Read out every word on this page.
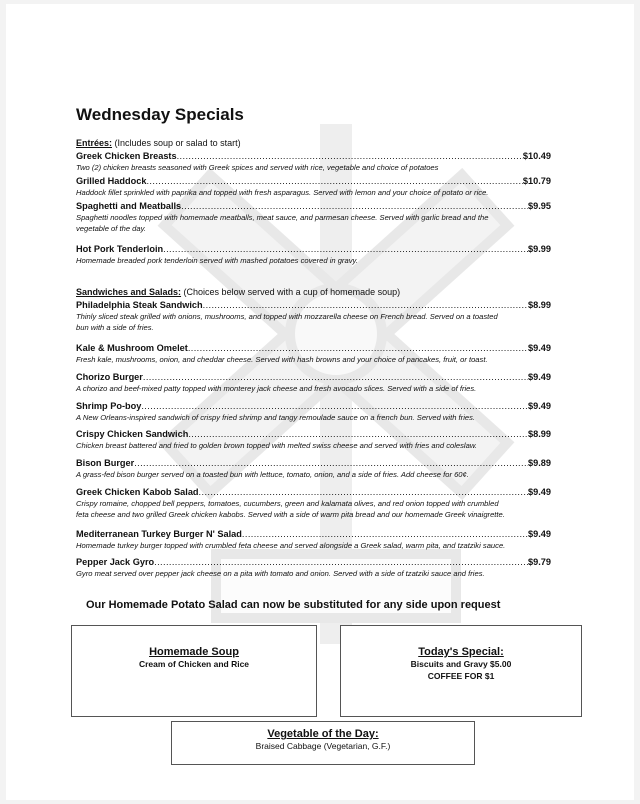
Wednesday Specials
Entrées: (Includes soup or salad to start)
Greek Chicken Breasts .....	$10.49
Two (2) chicken breasts seasoned with Greek spices and served with rice, vegetable and choice of potatoes
Grilled Haddock .....	$10.79
Haddock fillet sprinkled with paprika and topped with fresh asparagus. Served with lemon and your choice of potato or rice.
Spaghetti and Meatballs .....	$9.95
Spaghetti noodles topped with homemade meatballs, meat sauce, and parmesan cheese. Served with garlic bread and the
vegetable of the day.
Hot Pork Tenderloin .....	$9.99
Homemade breaded pork tenderloin served with mashed potatoes covered in gravy.
Sandwiches and Salads: (Choices below served with a cup of homemade soup)
Philadelphia Steak Sandwich .....	$8.99
Thinly sliced steak grilled with onions, mushrooms, and topped with mozzarella cheese on French bread. Served on a toasted
bun with a side of fries.
Kale & Mushroom Omelet .....	$9.49
Fresh kale, mushrooms, onion, and cheddar cheese. Served with hash browns and your choice of pancakes, fruit, or toast.
Chorizo Burger .....	$9.49
A chorizo and beef-mixed patty topped with monterey jack cheese and fresh avocado slices. Served with a side of fries.
Shrimp Po-boy .....	$9.49
A New Orleans-inspired sandwich of crispy fried shrimp and tangy remoulade sauce on a french bun. Served with fries.
Crispy Chicken Sandwich .....	$8.99
Chicken breast battered and fried to golden brown topped with melted swiss cheese and served with fries and coleslaw.
Bison Burger .....	$9.89
A grass-fed bison burger served on a toasted bun with lettuce, tomato, onion, and a side of fries. Add cheese for 60¢.
Greek Chicken Kabob Salad .....	$9.49
Crispy romaine, chopped bell peppers, tomatoes, cucumbers, green and kalamata olives, and red onion topped with crumbled
feta cheese and two grilled Greek chicken kabobs. Served with a side of warm pita bread and our homemade Greek vinaigrette.
Mediterranean Turkey Burger N' Salad .....	$9.49
Homemade turkey burger topped with crumbled feta cheese and served alongside a Greek salad, warm pita, and tzatziki sauce.
Pepper Jack Gyro .....	$9.79
Gyro meat served over pepper jack cheese on a pita with tomato and onion. Served with a side of tzatziki sauce and fries.
Our Homemade Potato Salad can now be substituted for any side upon request
Homemade Soup
Cream of Chicken and Rice
Today's Special:
Biscuits and Gravy $5.00
COFFEE FOR $1
Vegetable of the Day:
Braised Cabbage (Vegetarian, G.F.)
